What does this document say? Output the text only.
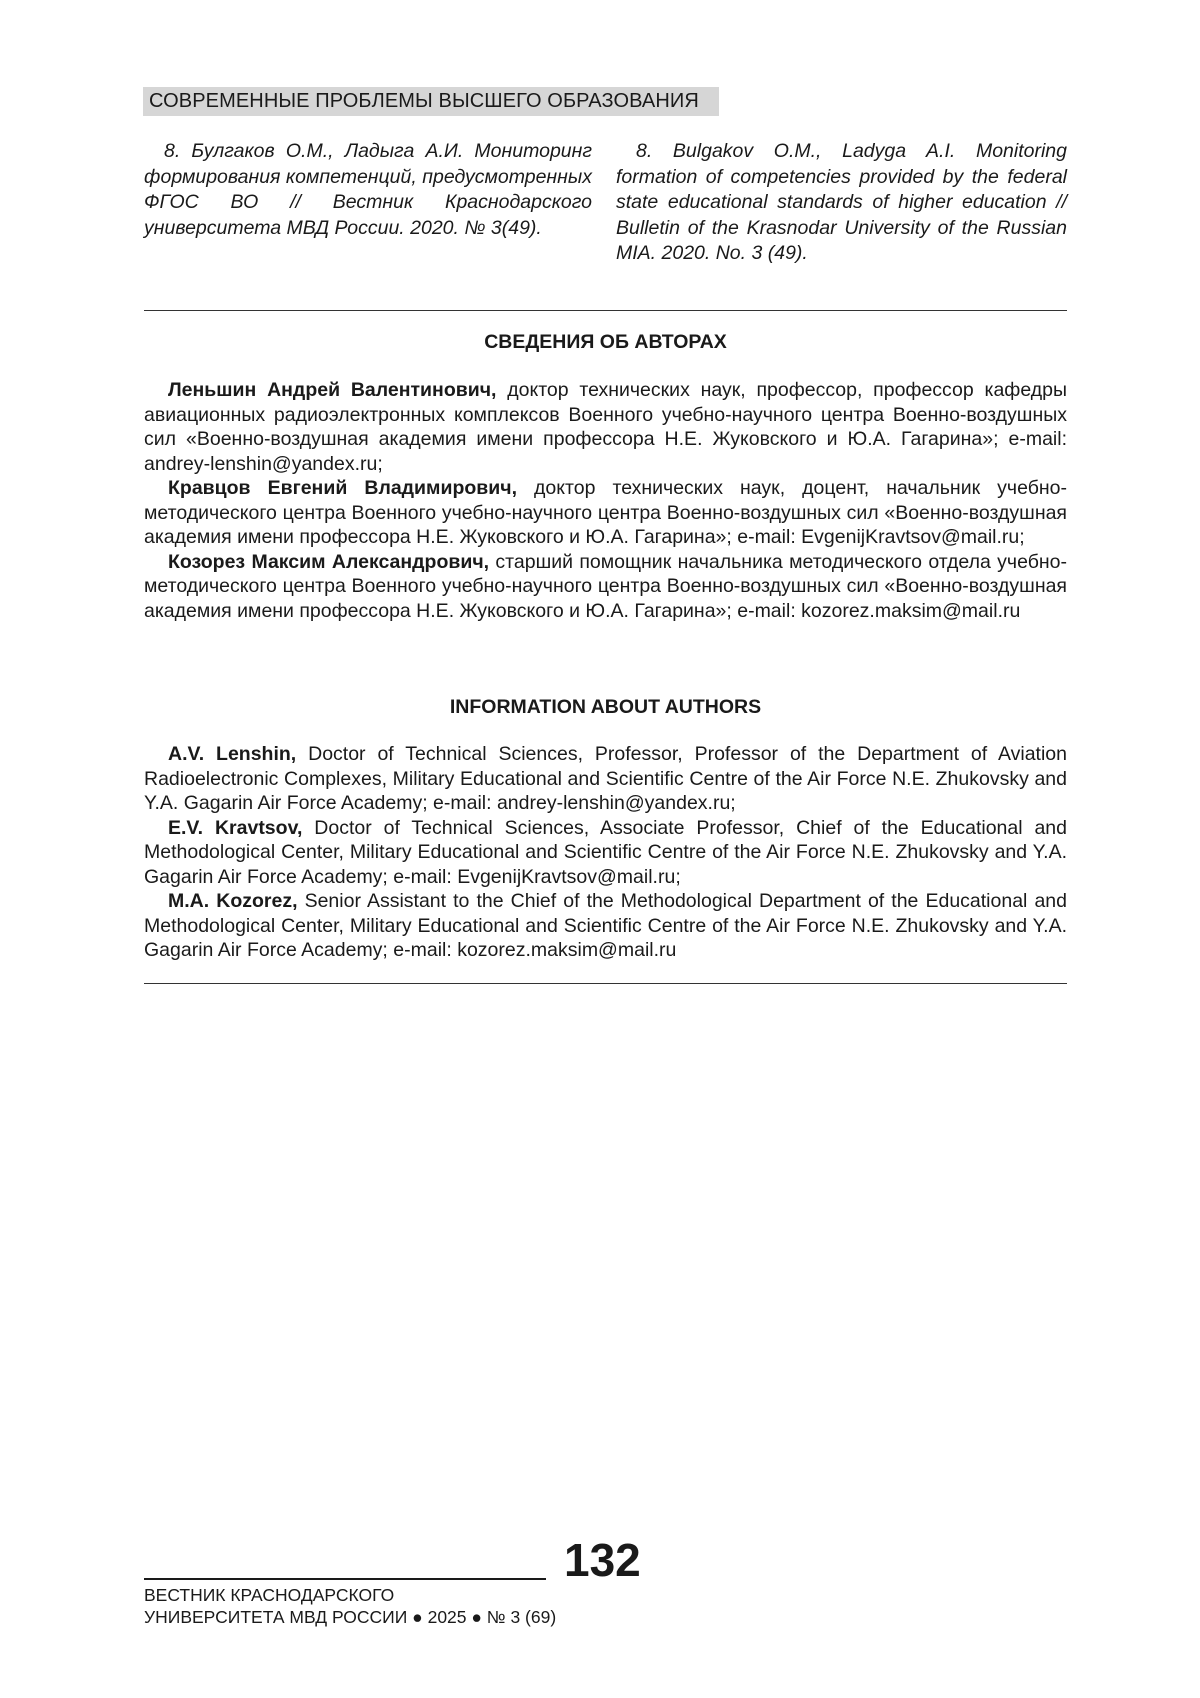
СОВРЕМЕННЫЕ ПРОБЛЕМЫ ВЫСШЕГО ОБРАЗОВАНИЯ

8. Булгаков О.М., Ладыга А.И. Мониторинг формирования компетенций, предусмотренных ФГОС ВО // Вестник Краснодарского университета МВД России. 2020. № 3(49).

8. Bulgakov O.M., Ladyga A.I. Monitoring formation of competencies provided by the federal state educational standards of higher education // Bulletin of the Krasnodar University of the Russian MIA. 2020. No. 3 (49).

СВЕДЕНИЯ ОБ АВТОРАХ

Леньшин Андрей Валентинович, доктор технических наук, профессор, профессор кафедры авиационных радиоэлектронных комплексов Военного учебно-научного центра Военно-воздушных сил «Военно-воздушная академия имени профессора Н.Е. Жуковского и Ю.А. Гагарина»; e-mail: andrey-lenshin@yandex.ru;

Кравцов Евгений Владимирович, доктор технических наук, доцент, начальник учебно-методического центра Военного учебно-научного центра Военно-воздушных сил «Военно-воздушная академия имени профессора Н.Е. Жуковского и Ю.А. Гагарина»; e-mail: EvgenijKravtsov@mail.ru;

Козорез Максим Александрович, старший помощник начальника методического отдела учебно-методического центра Военного учебно-научного центра Военно-воздушных сил «Военно-воздушная академия имени профессора Н.Е. Жуковского и Ю.А. Гагарина»; e-mail: kozorez.maksim@mail.ru

INFORMATION ABOUT AUTHORS

A.V. Lenshin, Doctor of Technical Sciences, Professor, Professor of the Department of Aviation Radioelectronic Complexes, Military Educational and Scientific Centre of the Air Force N.E. Zhukovsky and Y.A. Gagarin Air Force Academy; e-mail: andrey-lenshin@yandex.ru;

E.V. Kravtsov, Doctor of Technical Sciences, Associate Professor, Chief of the Educational and Methodological Center, Military Educational and Scientific Centre of the Air Force N.E. Zhukovsky and Y.A. Gagarin Air Force Academy; e-mail: EvgenijKravtsov@mail.ru;

M.A. Kozorez, Senior Assistant to the Chief of the Methodological Department of the Educational and Methodological Center, Military Educational and Scientific Centre of the Air Force N.E. Zhukovsky and Y.A. Gagarin Air Force Academy; e-mail: kozorez.maksim@mail.ru

132
ВЕСТНИК КРАСНОДАРСКОГО
УНИВЕРСИТЕТА МВД РОССИИ ● 2025 ● № 3 (69)
